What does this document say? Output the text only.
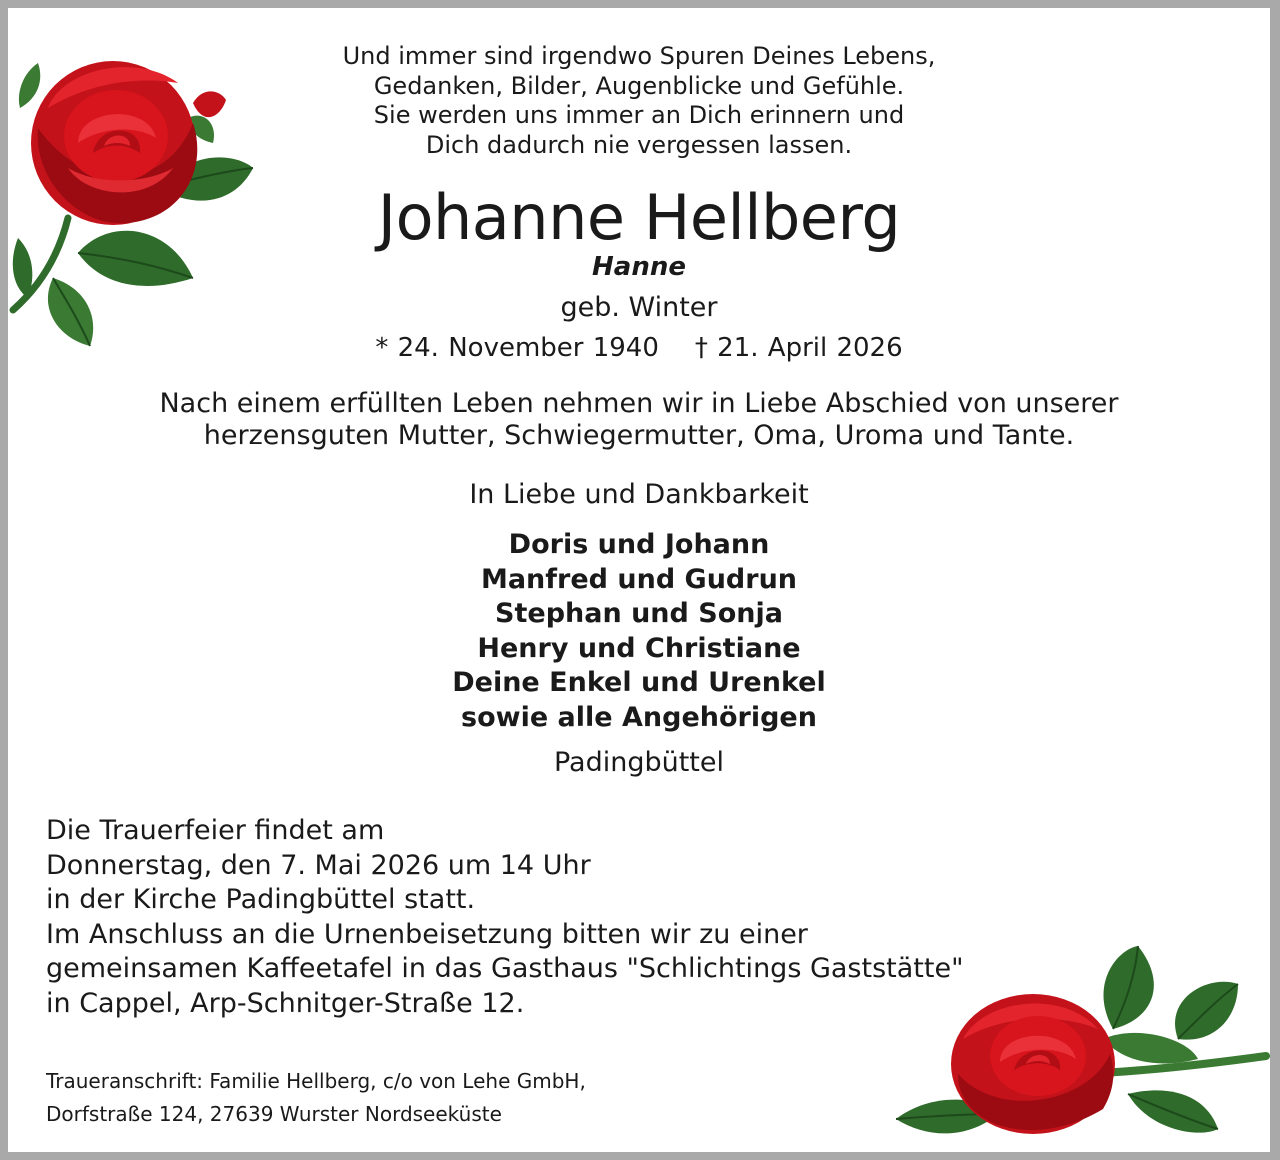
Und immer sind irgendwo Spuren Deines Lebens,
Gedanken, Bilder, Augenblicke und Gefühle.
Sie werden uns immer an Dich erinnern und
Dich dadurch nie vergessen lassen.
Johanne Hellberg
Hanne
geb. Winter
* 24. November 1940 † 21. April 2026
Nach einem erfüllten Leben nehmen wir in Liebe Abschied von unserer
herzensguten Mutter, Schwiegermutter, Oma, Uroma und Tante.
In Liebe und Dankbarkeit
Doris und Johann
Manfred und Gudrun
Stephan und Sonja
Henry und Christiane
Deine Enkel und Urenkel
sowie alle Angehörigen
Padingbüttel
Die Trauerfeier findet am
Donnerstag, den 7. Mai 2026 um 14 Uhr
in der Kirche Padingbüttel statt.
Im Anschluss an die Urnenbeisetzung bitten wir zu einer
gemeinsamen Kaffeetafel in das Gasthaus "Schlichtings Gaststätte"
in Cappel, Arp-Schnitger-Straße 12.
Traueranschrift: Familie Hellberg, c/o von Lehe GmbH,
Dorfstraße 124, 27639 Wurster Nordseeküste
